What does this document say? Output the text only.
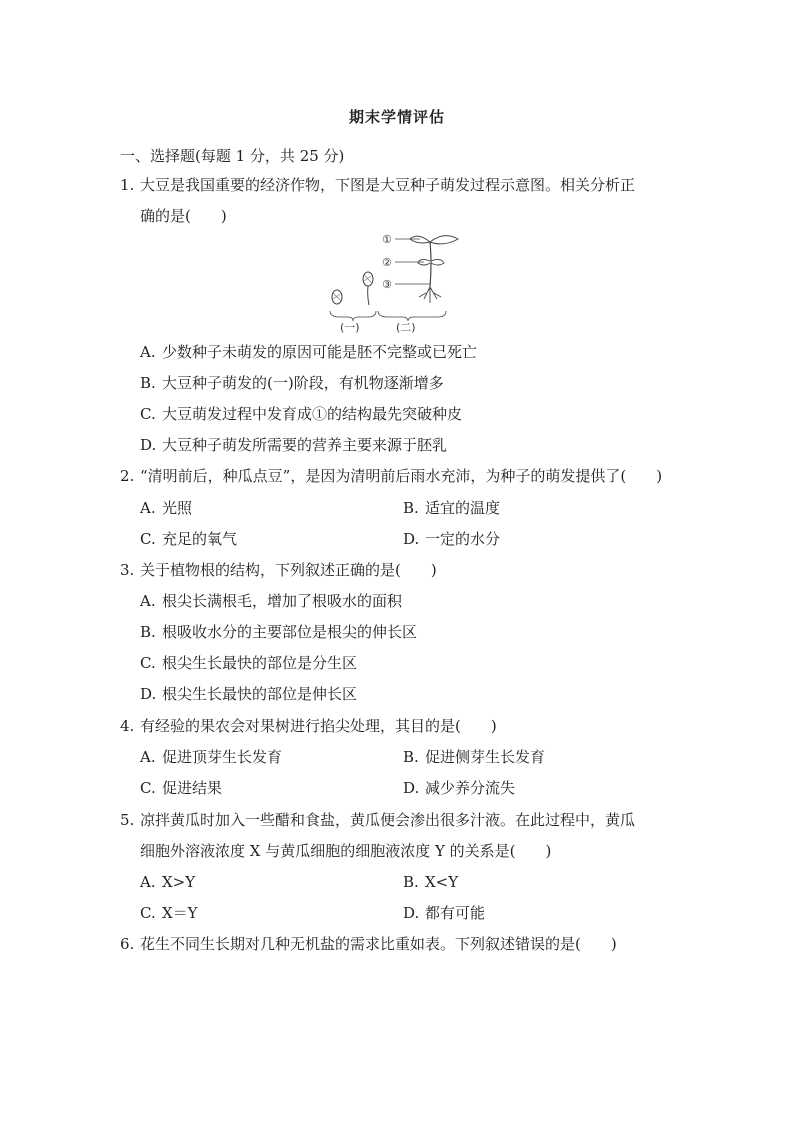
期末学情评估
一、选择题(每题 1 分，共 25 分)
1. 大豆是我国重要的经济作物，下图是大豆种子萌发过程示意图。相关分析正
确的是(　　)
①
②
③
(一)	(二)
A. 少数种子未萌发的原因可能是胚不完整或已死亡
B. 大豆种子萌发的(一)阶段，有机物逐渐增多
C. 大豆萌发过程中发育成①的结构最先突破种皮
D. 大豆种子萌发所需要的营养主要来源于胚乳
2. “清明前后，种瓜点豆”，是因为清明前后雨水充沛，为种子的萌发提供了(　　)
A. 光照	B. 适宜的温度
C. 充足的氧气	D. 一定的水分
3. 关于植物根的结构，下列叙述正确的是(　　)
A. 根尖长满根毛，增加了根吸水的面积
B. 根吸收水分的主要部位是根尖的伸长区
C. 根尖生长最快的部位是分生区
D. 根尖生长最快的部位是伸长区
4. 有经验的果农会对果树进行掐尖处理，其目的是(　　)
A. 促进顶芽生长发育	B. 促进侧芽生长发育
C. 促进结果	D. 减少养分流失
5. 凉拌黄瓜时加入一些醋和食盐，黄瓜便会渗出很多汁液。在此过程中，黄瓜
细胞外溶液浓度 X 与黄瓜细胞的细胞液浓度 Y 的关系是(　　)
A. X>Y	B. X<Y
C. X＝Y	D. 都有可能
6. 花生不同生长期对几种无机盐的需求比重如表。下列叙述错误的是(　　)
